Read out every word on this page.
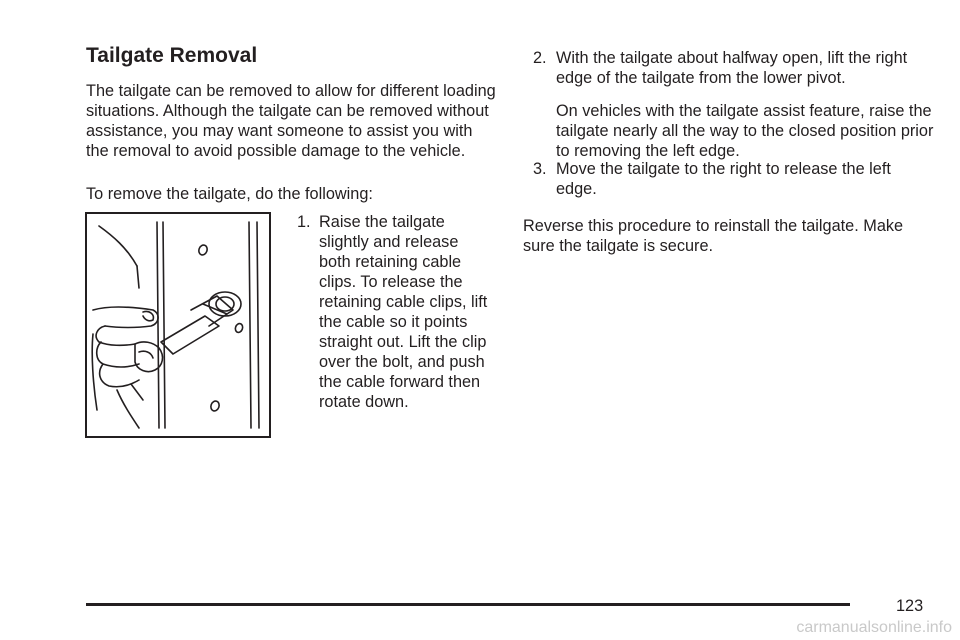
Tailgate Removal

The tailgate can be removed to allow for different loading situations. Although the tailgate can be removed without assistance, you may want someone to assist you with the removal to avoid possible damage to the vehicle.

To remove the tailgate, do the following:

1. Raise the tailgate slightly and release both retaining cable clips. To release the retaining cable clips, lift the cable so it points straight out. Lift the clip over the bolt, and push the cable forward then rotate down.

2. With the tailgate about halfway open, lift the right edge of the tailgate from the lower pivot.

On vehicles with the tailgate assist feature, raise the tailgate nearly all the way to the closed position prior to removing the left edge.

3. Move the tailgate to the right to release the left edge.

Reverse this procedure to reinstall the tailgate. Make sure the tailgate is secure.

123

carmanualsonline.info
